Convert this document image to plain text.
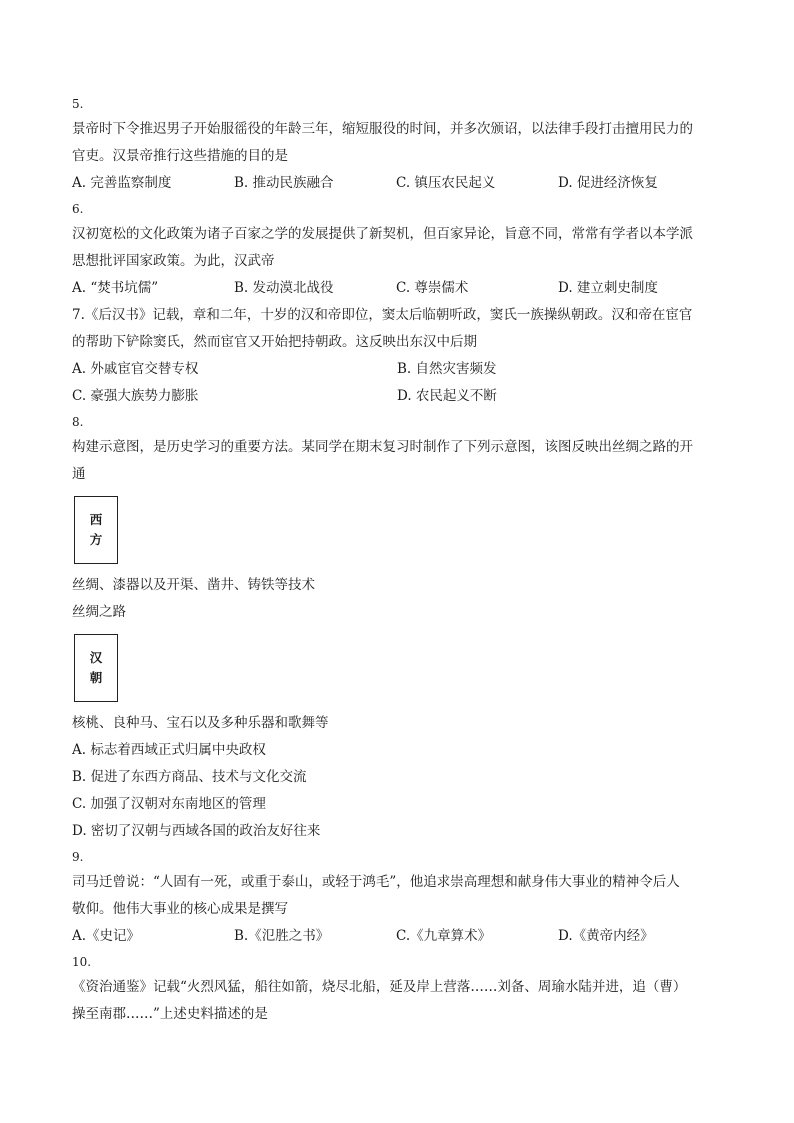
5.
景帝时下令推迟男子开始服徭役的年龄三年，缩短服役的时间，并多次颁诏，以法律手段打击擅用民力的
官吏。汉景帝推行这些措施的目的是
A. 完善监察制度	B. 推动民族融合	C. 镇压农民起义	D. 促进经济恢复
6.
汉初宽松的文化政策为诸子百家之学的发展提供了新契机，但百家异论，旨意不同，常常有学者以本学派
思想批评国家政策。为此，汉武帝
A. “焚书坑儒”	B. 发动漠北战役	C. 尊崇儒术	D. 建立刺史制度
7.《后汉书》记载，章和二年，十岁的汉和帝即位，窦太后临朝听政，窦氏一族操纵朝政。汉和帝在宦官
的帮助下铲除窦氏，然而宦官又开始把持朝政。这反映出东汉中后期
A. 外戚宦官交替专权	B. 自然灾害频发
C. 豪强大族势力膨胀	D. 农民起义不断
8.
构建示意图，是历史学习的重要方法。某同学在期末复习时制作了下列示意图，该图反映出丝绸之路的开
通
西
方
丝绸、漆器以及开渠、凿井、铸铁等技术
丝绸之路
汉
朝
核桃、良种马、宝石以及多种乐器和歌舞等
A. 标志着西域正式归属中央政权
B. 促进了东西方商品、技术与文化交流
C. 加强了汉朝对东南地区的管理
D. 密切了汉朝与西域各国的政治友好往来
9.
司马迁曾说：“人固有一死，或重于泰山，或轻于鸿毛”，他追求崇高理想和献身伟大事业的精神令后人
敬仰。他伟大事业的核心成果是撰写
A.《史记》	B.《氾胜之书》	C.《九章算术》	D.《黄帝内经》
10.
《资治通鉴》记载“火烈风猛，船往如箭，烧尽北船，延及岸上营落……刘备、周瑜水陆并进，追（曹）
操至南郡……”上述史料描述的是
